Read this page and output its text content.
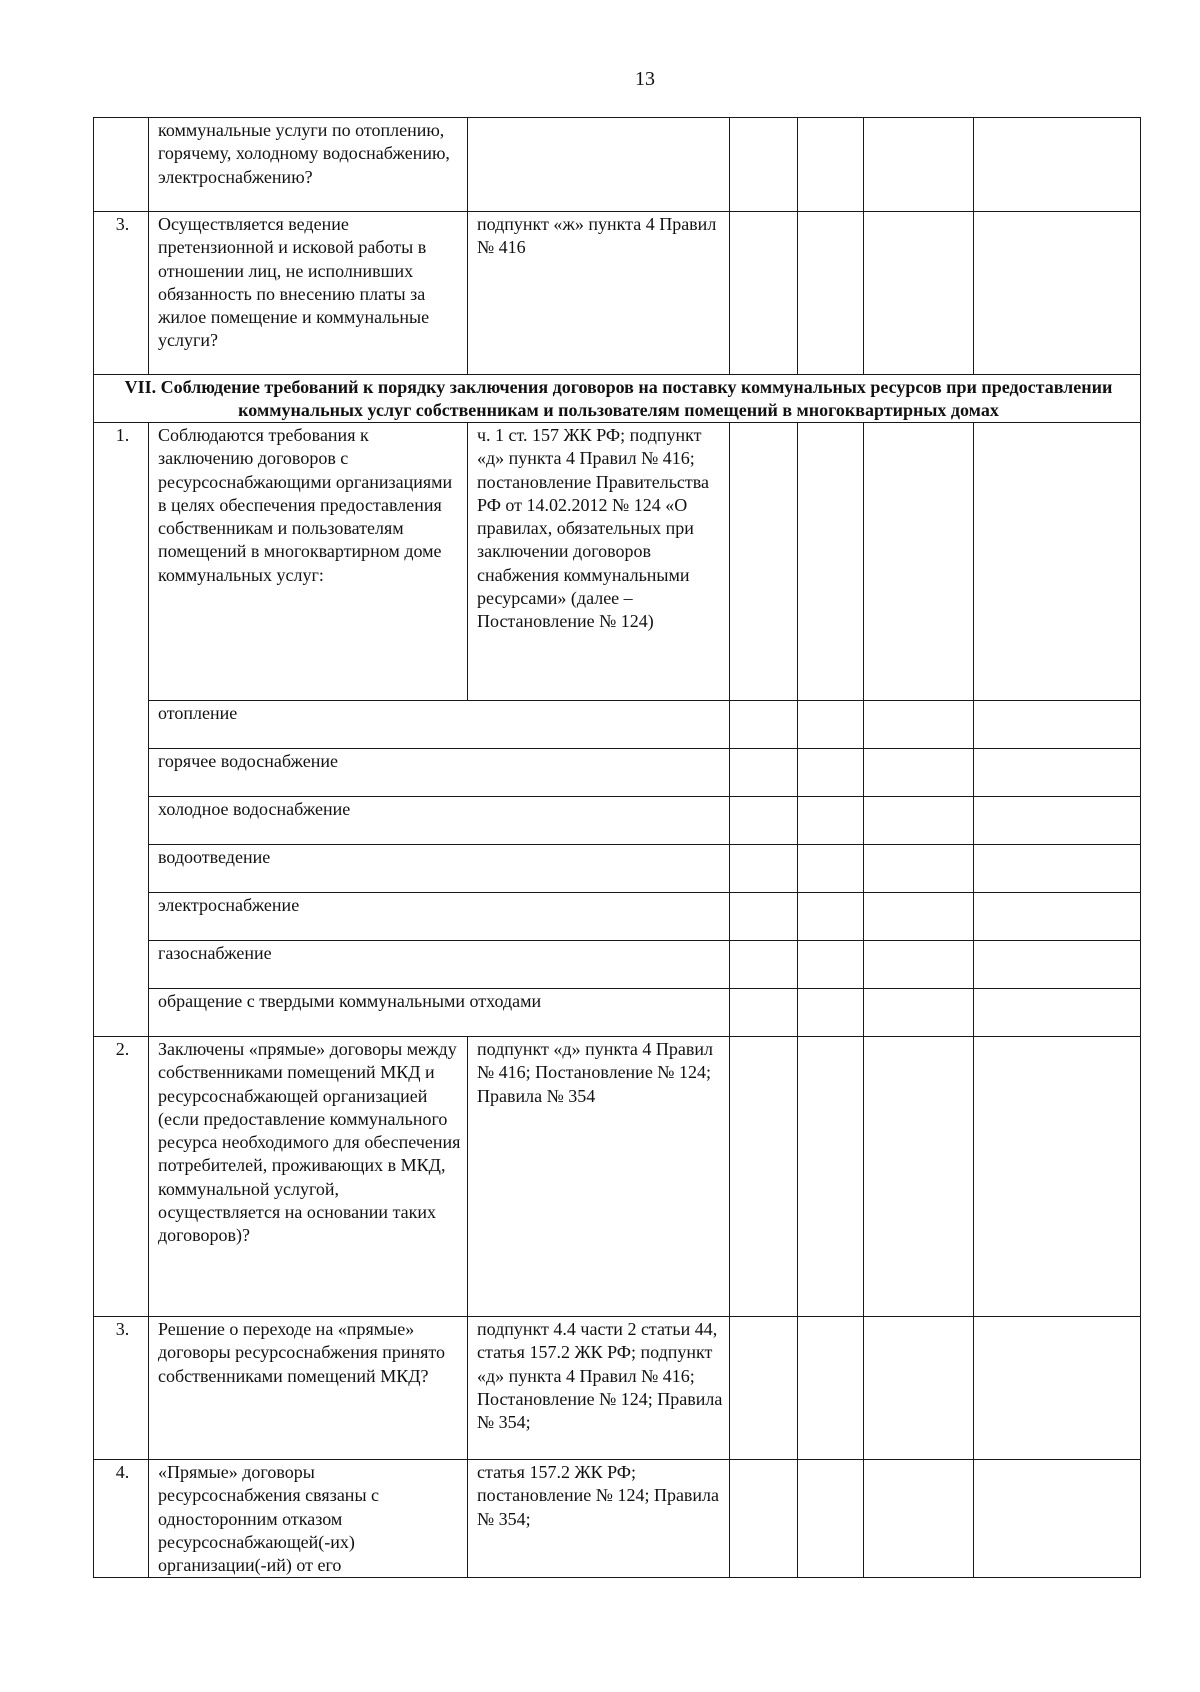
13
	коммунальные услуги по отоплению, горячему, холодному водоснабжению, электроснабжению?					
3.	Осуществляется ведение претензионной и исковой работы в отношении лиц, не исполнивших обязанность по внесению платы за жилое помещение и коммунальные услуги?	подпункт «ж» пункта 4 Правил № 416				
VII. Соблюдение требований к порядку заключения договоров на поставку коммунальных ресурсов при предоставлении коммунальных услуг собственникам и пользователям помещений в многоквартирных домах						
1.	Соблюдаются требования к заключению договоров с ресурсоснабжающими организациями в целях обеспечения предоставления собственникам и пользователям помещений в многоквартирном доме коммунальных услуг:	ч. 1 ст. 157 ЖК РФ; подпункт «д» пункта 4 Правил № 416; постановление Правительства РФ от 14.02.2012 № 124 «О правилах, обязательных при заключении договоров снабжения коммунальными ресурсами» (далее – Постановление № 124)				
	отопление					
	горячее водоснабжение					
	холодное водоснабжение					
	водоотведение					
	электроснабжение					
	газоснабжение					
	обращение с твердыми коммунальными отходами					
2.	Заключены «прямые» договоры между собственниками помещений МКД и ресурсоснабжающей организацией (если предоставление коммунального ресурса необходимого для обеспечения потребителей, проживающих в МКД, коммунальной услугой, осуществляется на основании таких договоров)?	подпункт «д» пункта 4 Правил № 416; Постановление № 124; Правила № 354				
3.	Решение о переходе на «прямые» договоры ресурсоснабжения принято собственниками помещений МКД?	подпункт 4.4 части 2 статьи 44, статья 157.2 ЖК РФ; подпункт «д» пункта 4 Правил № 416; Постановление № 124; Правила № 354;				
4.	«Прямые» договоры ресурсоснабжения связаны с односторонним отказом ресурсоснабжающей(-их) организации(-ий) от его	статья 157.2 ЖК РФ; постановление № 124; Правила № 354;				
